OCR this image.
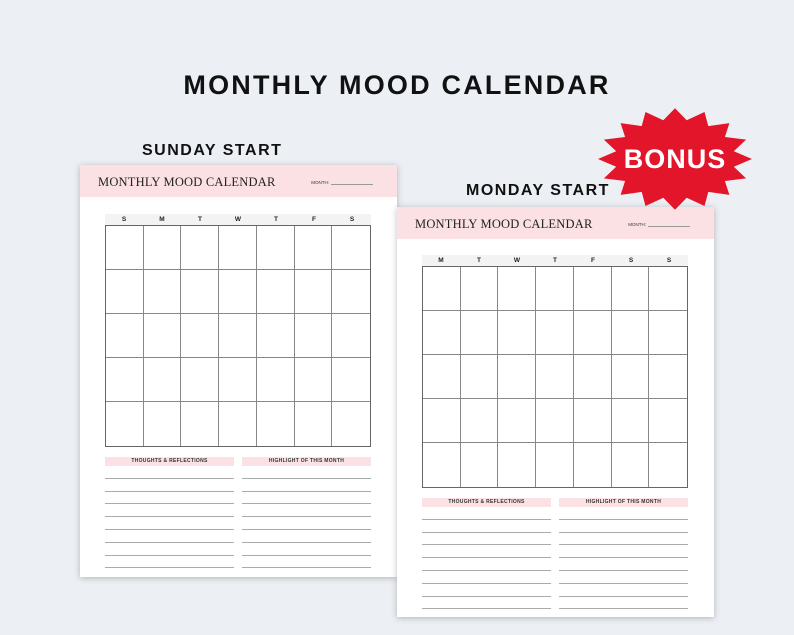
MONTHLY MOOD CALENDAR
SUNDAY START
MONTHLY MOOD CALENDAR	MONTH:
S	M	T	W	T	F	S
THOUGHTS & REFLECTIONS	HIGHLIGHT OF THIS MONTH
MONDAY START
MONTHLY MOOD CALENDAR	MONTH:
M	T	W	T	F	S	S
THOUGHTS & REFLECTIONS	HIGHLIGHT OF THIS MONTH
BONUS
